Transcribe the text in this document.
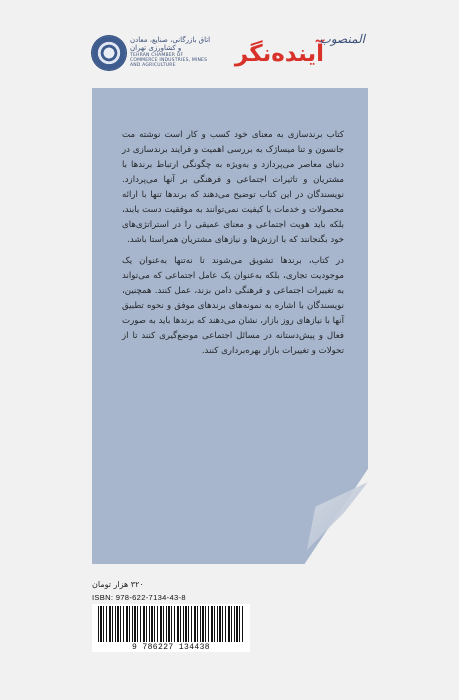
اتاق بازرگانی، صنایع، معادن و کشاورزی تهران
TEHRAN CHAMBER OF COMMERCE INDUSTRIES, MINES AND AGRICULTURE	آینده‌نگر
المنصوب

کتاب برندسازی به معنای خود کسب و کار است نوشته مت جانسون و تنا میساژک به بررسی اهمیت و فرایند برندسازی در دنیای معاصر می‌پردازد و به‌ویژه به چگونگی ارتباط برندها با مشتریان و تاثیرات اجتماعی و فرهنگی بر آنها می‌پردازد. نویسندگان در این کتاب توضیح می‌دهند که برندها تنها با ارائه محصولات و خدمات با کیفیت نمی‌توانند به موفقیت دست یابند، بلکه باید هویت اجتماعی و معنای عمیقی را در استراتژی‌های خود بگنجانند که با ارزش‌ها و نیازهای مشتریان همراستا باشد.

در کتاب، برندها تشویق می‌شوند تا نه‌تنها به‌عنوان یک موجودیت تجاری، بلکه به‌عنوان یک عامل اجتماعی که می‌تواند به تغییرات اجتماعی و فرهنگی دامن بزند، عمل کنند. همچنین، نویسندگان با اشاره به نمونه‌های برندهای موفق و نحوه تطبیق آنها با نیازهای روز بازار، نشان می‌دهند که برندها باید به صورت فعال و پیش‌دستانه در مسائل اجتماعی موضع‌گیری کنند تا از تحولات و تغییرات بازار بهره‌برداری کنند.

۳۲۰ هزار تومان
ISBN: 978-622-7134-43-8
9 786227 134438
